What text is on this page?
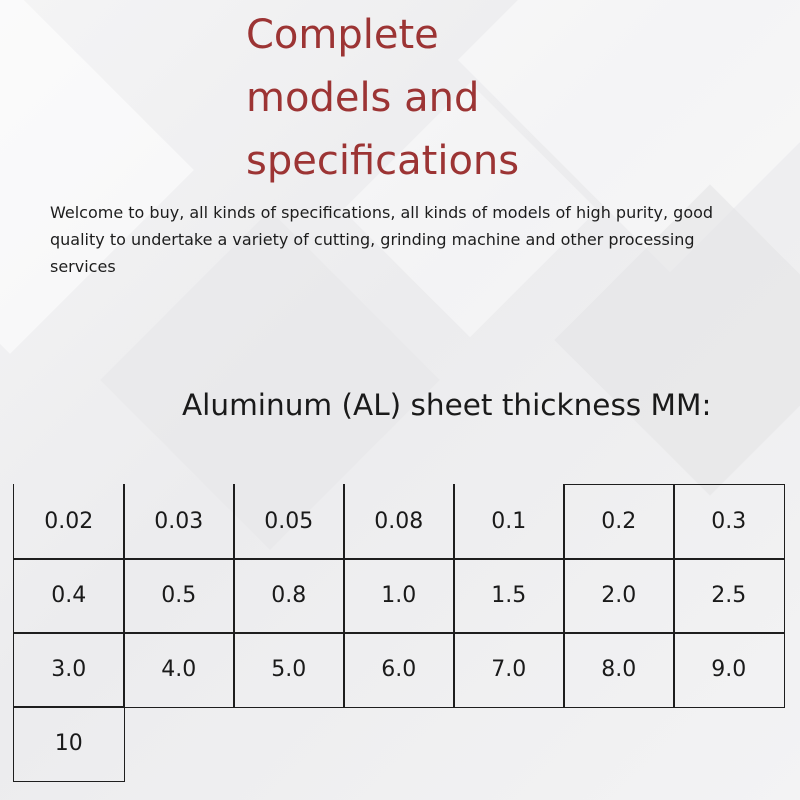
Complete
models and
specifications

Welcome to buy, all kinds of specifications, all kinds of models of high purity, good quality to undertake a variety of cutting, grinding machine and other processing services

Aluminum (AL) sheet thickness MM:
0.02	0.03	0.05	0.08	0.1	0.2	0.3
0.4	0.5	0.8	1.0	1.5	2.0	2.5
3.0	4.0	5.0	6.0	7.0	8.0	9.0
10
